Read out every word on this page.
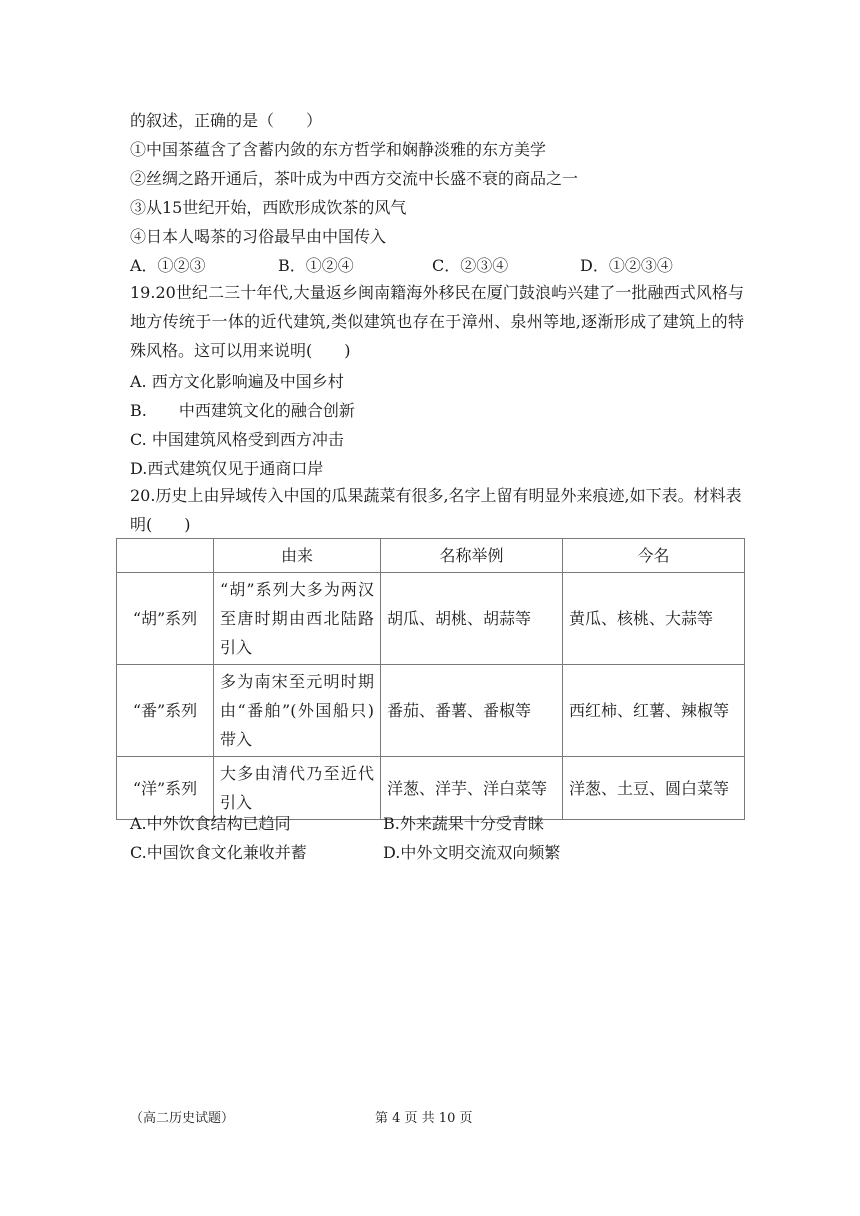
的叙述，正确的是（　　）
①中国茶蕴含了含蓄内敛的东方哲学和娴静淡雅的东方美学
②丝绸之路开通后，茶叶成为中西方交流中长盛不衰的商品之一
③从15世纪开始，西欧形成饮茶的风气
④日本人喝茶的习俗最早由中国传入
A．①②③	B．①②④	C．②③④	D．①②③④
19.20世纪二三十年代,大量返乡闽南籍海外移民在厦门鼓浪屿兴建了一批融西式风格与地方传统于一体的近代建筑,类似建筑也存在于漳州、泉州等地,逐渐形成了建筑上的特殊风格。这可以用来说明(　　)
A. 西方文化影响遍及中国乡村
B.　　中西建筑文化的融合创新
C. 中国建筑风格受到西方冲击
D.西式建筑仅见于通商口岸
20.历史上由异域传入中国的瓜果蔬菜有很多,名字上留有明显外来痕迹,如下表。材料表明(　　)
	由来	名称举例	今名
“胡”系列	“胡”系列大多为两汉至唐时期由西北陆路引入	胡瓜、胡桃、胡蒜等	黄瓜、核桃、大蒜等
“番”系列	多为南宋至元明时期由“番舶”(外国船只)带入	番茄、番薯、番椒等	西红柿、红薯、辣椒等
“洋”系列	大多由清代乃至近代引入	洋葱、洋芋、洋白菜等	洋葱、土豆、圆白菜等
A.中外饮食结构已趋同	B.外来蔬果十分受青睐
C.中国饮食文化兼收并蓄	D.中外文明交流双向频繁
（高二历史试题）	第 4 页 共 10 页
